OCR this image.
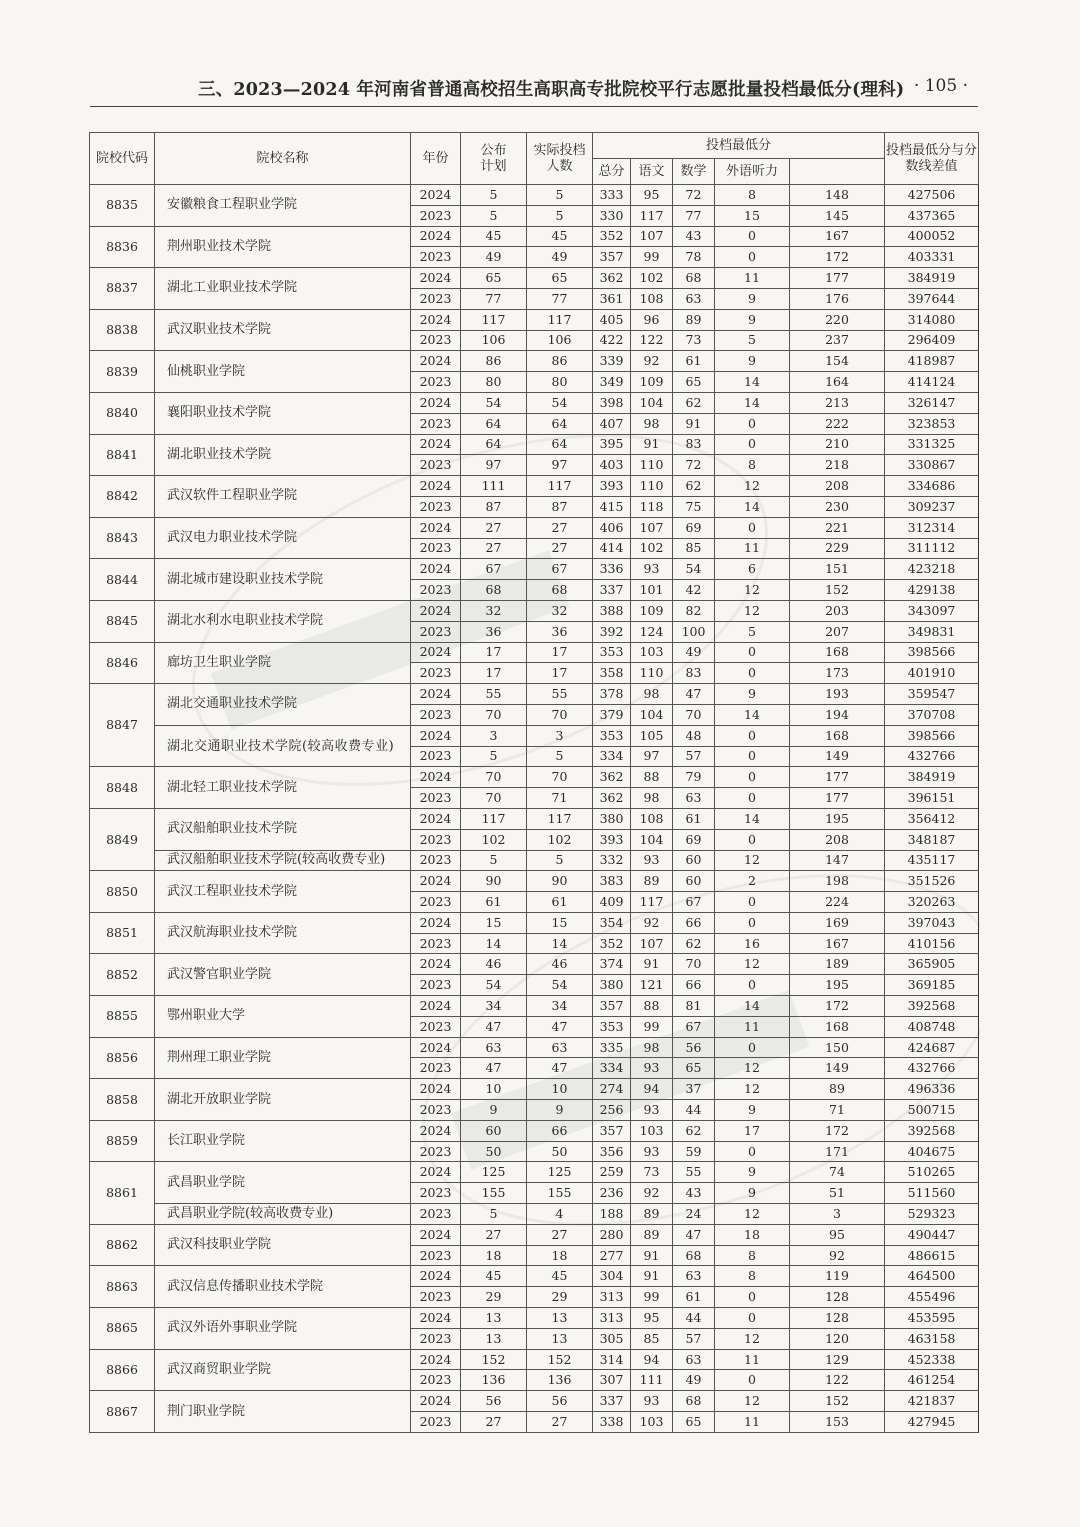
三、2023—2024 年河南省普通高校招生高职高专批院校平行志愿批量投档最低分(理科) · 105 ·
院校代码	院校名称	年份	公布计划	实际投档人数	投档最低分					投档最低分与分数线差值

					总分	语文	数学	外语听力			
8835	安徽粮食工程职业学院	2024	5	5	333	95	72	8	148	427506	
		2023	5	5	330	117	77	15	145	437365	
8836	荆州职业技术学院	2024	45	45	352	107	43	0	167	400052	
		2023	49	49	357	99	78	0	172	403331	
8837	湖北工业职业技术学院	2024	65	65	362	102	68	11	177	384919	
		2023	77	77	361	108	63	9	176	397644	
8838	武汉职业技术学院	2024	117	117	405	96	89	9	220	314080	
		2023	106	106	422	122	73	5	237	296409	
8839	仙桃职业学院	2024	86	86	339	92	61	9	154	418987	
		2023	80	80	349	109	65	14	164	414124	
8840	襄阳职业技术学院	2024	54	54	398	104	62	14	213	326147	
		2023	64	64	407	98	91	0	222	323853	
8841	湖北职业技术学院	2024	64	64	395	91	83	0	210	331325	
		2023	97	97	403	110	72	8	218	330867	
8842	武汉软件工程职业学院	2024	111	117	393	110	62	12	208	334686	
		2023	87	87	415	118	75	14	230	309237	
8843	武汉电力职业技术学院	2024	27	27	406	107	69	0	221	312314	
		2023	27	27	414	102	85	11	229	311112	
8844	湖北城市建设职业技术学院	2024	67	67	336	93	54	6	151	423218	
		2023	68	68	337	101	42	12	152	429138	
8845	湖北水利水电职业技术学院	2024	32	32	388	109	82	12	203	343097	
		2023	36	36	392	124	100	5	207	349831	
8846	廊坊卫生职业学院	2024	17	17	353	103	49	0	168	398566	
		2023	17	17	358	110	83	0	173	401910	
8847	湖北交通职业技术学院	2024	55	55	378	98	47	9	193	359547	
		2023	70	70	379	104	70	14	194	370708	
	湖北交通职业技术学院(较高收费专业)	2024	3	3	353	105	48	0	168	398566	
		2023	5	5	334	97	57	0	149	432766	
8848	湖北轻工职业技术学院	2024	70	70	362	88	79	0	177	384919	
		2023	70	71	362	98	63	0	177	396151	
8849	武汉船舶职业技术学院	2024	117	117	380	108	61	14	195	356412	
		2023	102	102	393	104	69	0	208	348187	
	武汉船舶职业技术学院(较高收费专业)	2023	5	5	332	93	60	12	147	435117	
8850	武汉工程职业技术学院	2024	90	90	383	89	60	2	198	351526	
		2023	61	61	409	117	67	0	224	320263	
8851	武汉航海职业技术学院	2024	15	15	354	92	66	0	169	397043	
		2023	14	14	352	107	62	16	167	410156	
8852	武汉警官职业学院	2024	46	46	374	91	70	12	189	365905	
		2023	54	54	380	121	66	0	195	369185	
8855	鄂州职业大学	2024	34	34	357	88	81	14	172	392568	
		2023	47	47	353	99	67	11	168	408748	
8856	荆州理工职业学院	2024	63	63	335	98	56	0	150	424687	
		2023	47	47	334	93	65	12	149	432766	
8858	湖北开放职业学院	2024	10	10	274	94	37	12	89	496336	
		2023	9	9	256	93	44	9	71	500715	
8859	长江职业学院	2024	60	66	357	103	62	17	172	392568	
		2023	50	50	356	93	59	0	171	404675	
8861	武昌职业学院	2024	125	125	259	73	55	9	74	510265	
		2023	155	155	236	92	43	9	51	511560	
	武昌职业学院(较高收费专业)	2023	5	4	188	89	24	12	3	529323	
8862	武汉科技职业学院	2024	27	27	280	89	47	18	95	490447	
		2023	18	18	277	91	68	8	92	486615	
8863	武汉信息传播职业技术学院	2024	45	45	304	91	63	8	119	464500	
		2023	29	29	313	99	61	0	128	455496	
8865	武汉外语外事职业学院	2024	13	13	313	95	44	0	128	453595	
		2023	13	13	305	85	57	12	120	463158	
8866	武汉商贸职业学院	2024	152	152	314	94	63	11	129	452338	
		2023	136	136	307	111	49	0	122	461254	
8867	荆门职业学院	2024	56	56	337	93	68	12	152	421837	
		2023	27	27	338	103	65	11	153	427945	
